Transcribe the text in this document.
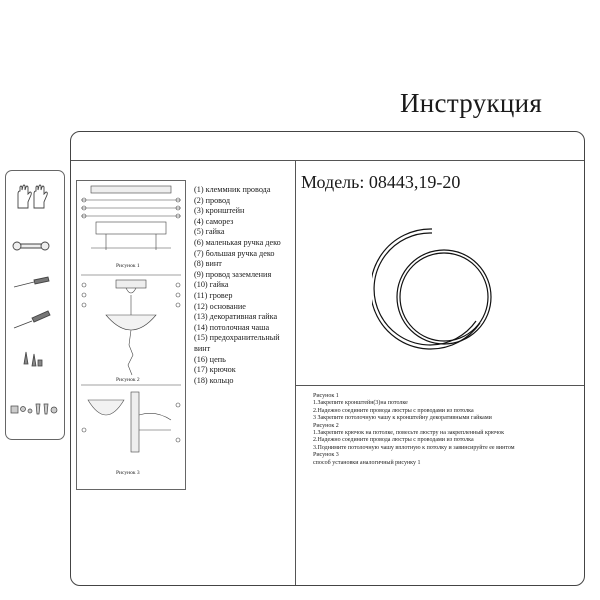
Инструкция
Рисунок 1
Рисунок 2
Рисунок 3
(1) клеммник провода
(2) провод
(3) кронштейн
(4) саморез
(5) гайка
(6) маленькая ручка деко
(7) большая ручка деко
(8) винт
(9) провод заземления
(10) гайка
(11) гровер
(12) основание
(13) декоративная гайка
(14) потолочная чаша
(15) предохранительный
винт
(16) цепь
(17) крючок
(18) кольцо
Модель: 08443,19-20
Рисунок 1
1.Закрепите кронштейн(3)на потолке
2.Надежно соедините провода люстры с проводами из потолка
3 Закрепите потолочную чашу к кронштейну декоративными гайками
Рисунок 2
1.Закрепите крючок на потолке, повесьте люстру на закрепленный крючок
2.Надежно соедините провода люстры с проводами из потолка
3.Поднимите потолочную чашу вплотную к потолку и завинсируйте ее винтом
Рисунок 3
способ установки аналогичный рисунку 1
